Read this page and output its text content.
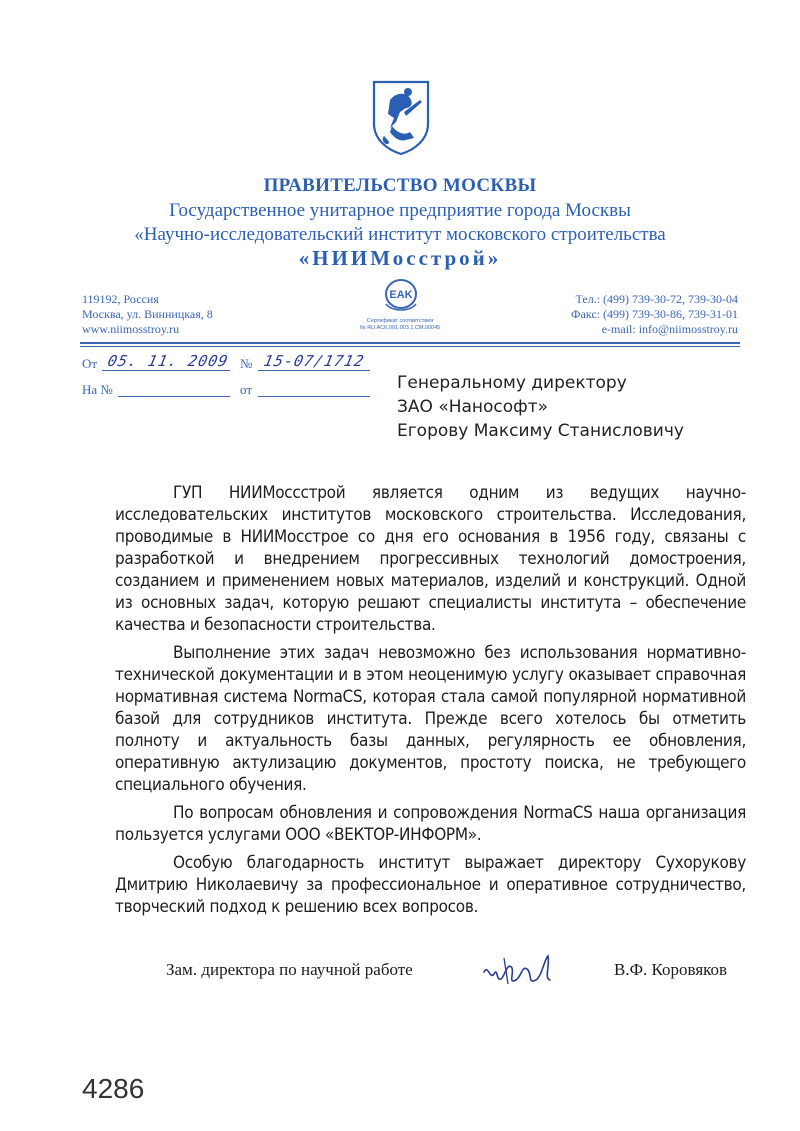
ПРАВИТЕЛЬСТВО МОСКВЫ
Государственное унитарное предприятие города Москвы
«Научно-исследовательский институт московского строительства
«НИИМосстрой»
119192, Россия
Москва, ул. Винницкая, 8
www.niimosstroy.ru
EAK
Сертификат соответствия
№ RU.АСК.001.003.1.СМ.00045
Тел.: (499) 739-30-72, 739-30-04
Факс: (499) 739-30-86, 739-31-01
e-mail: info@niimosstroy.ru
От 05. 11. 2009 № 15-07/1712
На №	от	Генеральному директору
ЗАО «Нанософт»
Егорову Максиму Станисловичу

ГУП НИИМоссстрой является одним из ведущих научно-исследовательских институтов московского строительства. Исследования, проводимые в НИИМосстрое со дня его основания в 1956 году, связаны с разработкой и внедрением прогрессивных технологий домостроения, созданием и применением новых материалов, изделий и конструкций. Одной из основных задач, которую решают специалисты института – обеспечение качества и безопасности строительства.

Выполнение этих задач невозможно без использования нормативно-технической документации и в этом неоценимую услугу оказывает справочная нормативная система NormaCS, которая стала самой популярной нормативной базой для сотрудников института. Прежде всего хотелось бы отметить полноту и актуальность базы данных, регулярность ее обновления, оперативную актулизацию документов, простоту поиска, не требующего специального обучения.

По вопросам обновления и сопровождения NormaCS наша организация пользуется услугами ООО «ВЕКТОР-ИНФОРМ».

Особую благодарность институт выражает директору Сухорукову Дмитрию Николаевичу за профессиональное и оперативное сотрудничество, творческий подход к решению всех вопросов.

Зам. директора по научной работе	В.Ф. Коровяков
4286
